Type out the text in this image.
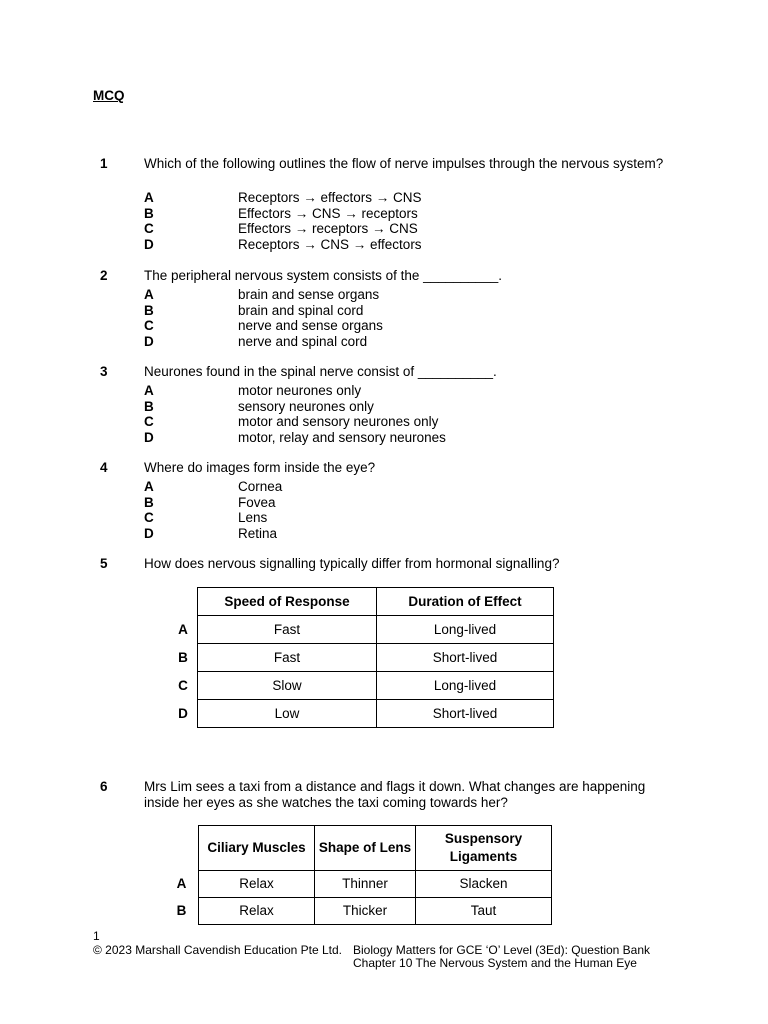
MCQ
1	Which of the following outlines the flow of nerve impulses through the nervous system?
A	Receptors → effectors → CNS
B	Effectors → CNS → receptors
C	Effectors → receptors → CNS
D	Receptors → CNS → effectors
2	The peripheral nervous system consists of the __________.
A	brain and sense organs
B	brain and spinal cord
C	nerve and sense organs
D	nerve and spinal cord
3	Neurones found in the spinal nerve consist of __________.
A	motor neurones only
B	sensory neurones only
C	motor and sensory neurones only
D	motor, relay and sensory neurones
4	Where do images form inside the eye?
A	Cornea
B	Fovea
C	Lens
D	Retina
5	How does nervous signalling typically differ from hormonal signalling?
	Speed of Response	Duration of Effect
A	Fast	Long-lived
B	Fast	Short-lived
C	Slow	Long-lived
D	Low	Short-lived
6	Mrs Lim sees a taxi from a distance and flags it down. What changes are happening inside her eyes as she watches the taxi coming towards her?
	Ciliary Muscles	Shape of Lens	Suspensory Ligaments
A	Relax	Thinner	Slacken
B	Relax	Thicker	Taut
1
© 2023 Marshall Cavendish Education Pte Ltd. Biology Matters for GCE ‘O’ Level (3Ed): Question Bank
Chapter 10 The Nervous System and the Human Eye
